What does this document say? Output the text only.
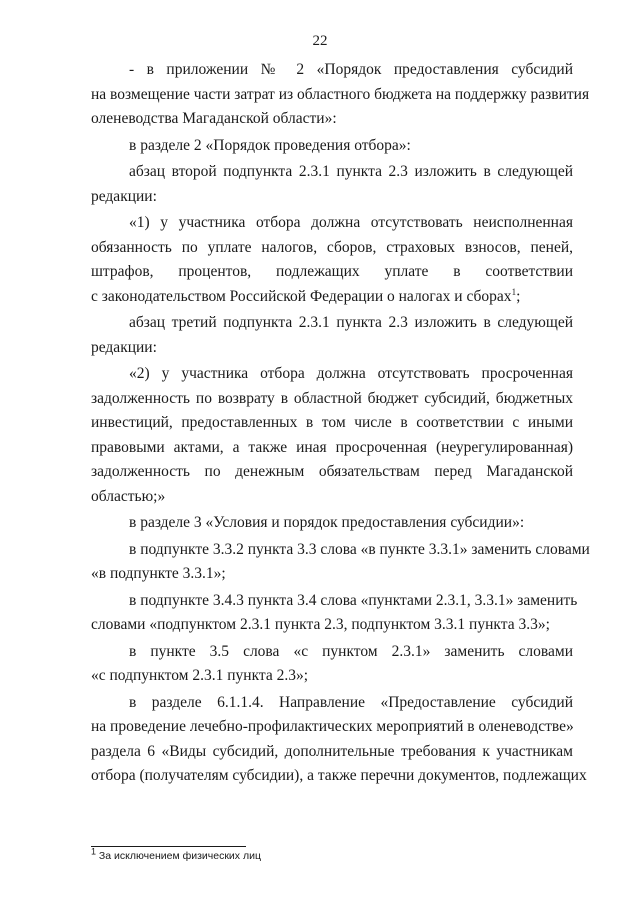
22
- в приложении № 2 «Порядок предоставления субсидий
на возмещение части затрат из областного бюджета на поддержку развития
оленеводства Магаданской области»:
в разделе 2 «Порядок проведения отбора»:
абзац второй подпункта 2.3.1 пункта 2.3 изложить в следующей
редакции:
«1) у участника отбора должна отсутствовать неисполненная
обязанность по уплате налогов, сборов, страховых взносов, пеней,
штрафов, процентов, подлежащих уплате в соответствии
с законодательством Российской Федерации о налогах и сборах$^1$;
абзац третий подпункта 2.3.1 пункта 2.3 изложить в следующей
редакции:
«2) у участника отбора должна отсутствовать просроченная
задолженность по возврату в областной бюджет субсидий, бюджетных
инвестиций, предоставленных в том числе в соответствии с иными
правовыми актами, а также иная просроченная (неурегулированная)
задолженность по денежным обязательствам перед Магаданской
областью;»
в разделе 3 «Условия и порядок предоставления субсидии»:
в подпункте 3.3.2 пункта 3.3 слова «в пункте 3.3.1» заменить словами
«в подпункте 3.3.1»;
в подпункте 3.4.3 пункта 3.4 слова «пунктами 2.3.1, 3.3.1» заменить
словами «подпунктом 2.3.1 пункта 2.3, подпунктом 3.3.1 пункта 3.3»;
в пункте 3.5 слова «с пунктом 2.3.1» заменить словами
«с подпунктом 2.3.1 пункта 2.3»;
в разделе 6.1.1.4. Направление «Предоставление субсидий
на проведение лечебно-профилактических мероприятий в оленеводстве»
раздела 6 «Виды субсидий, дополнительные требования к участникам
отбора (получателям субсидии), а также перечни документов, подлежащих
$^1$ За исключением физических лиц
